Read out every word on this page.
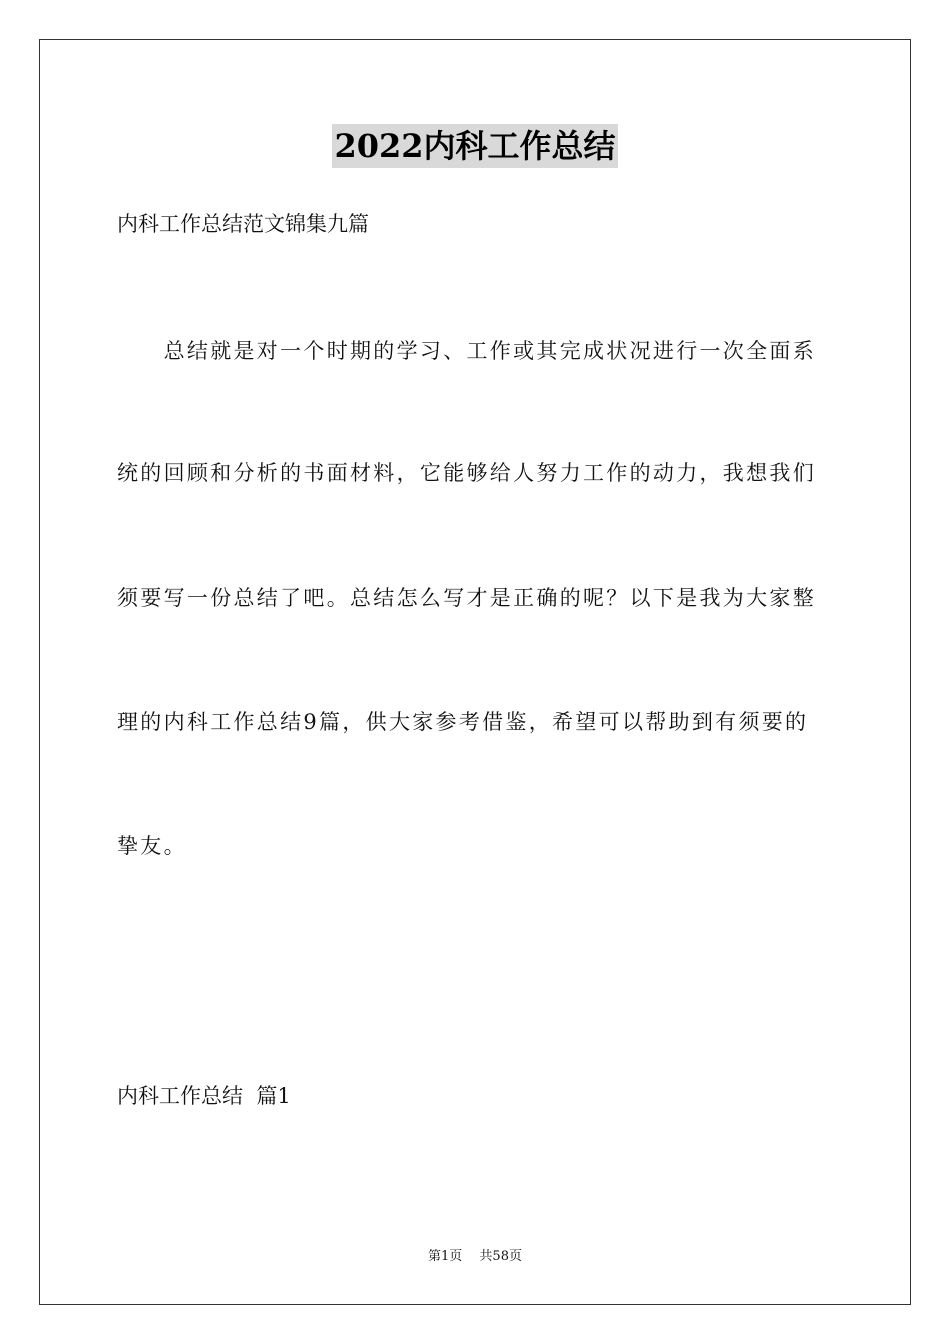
2022内科工作总结

内科工作总结范文锦集九篇

　　总结就是对一个时期的学习、工作或其完成状况进行一次全面系

统的回顾和分析的书面材料，它能够给人努力工作的动力，我想我们

须要写一份总结了吧。总结怎么写才是正确的呢？以下是我为大家整

理的内科工作总结9篇，供大家参考借鉴，希望可以帮助到有须要的

挚友。

内科工作总结  篇1

第1页　 共58页
